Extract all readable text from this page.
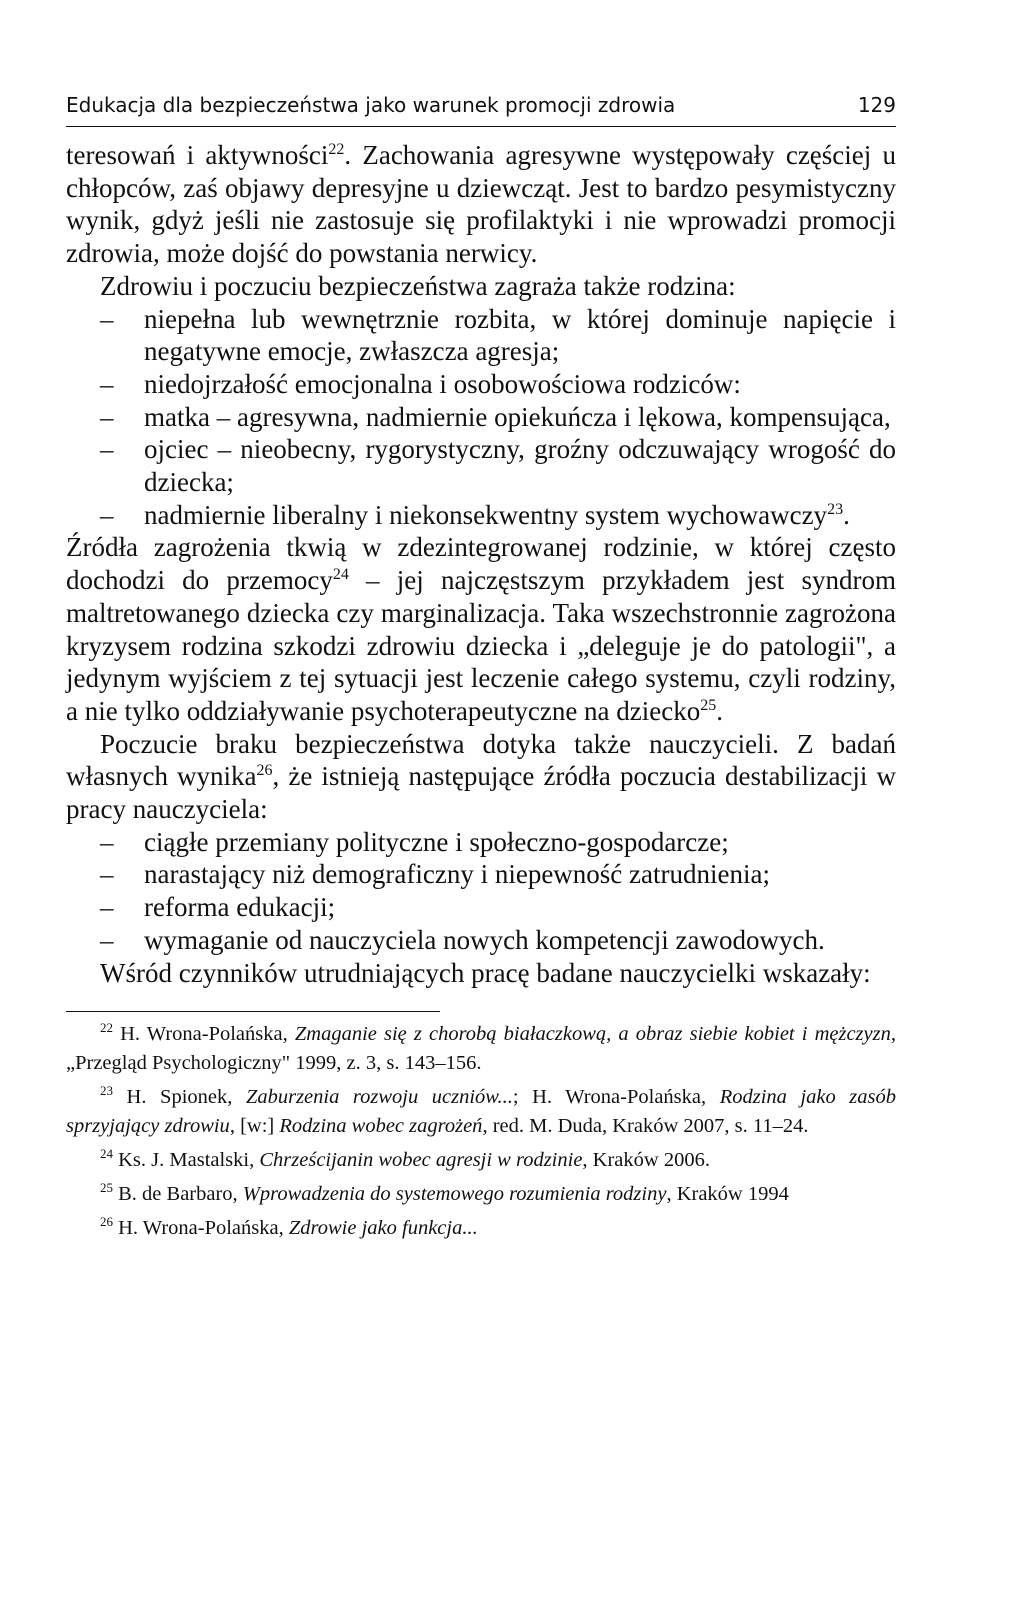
Edukacja dla bezpieczeństwa jako warunek promocji zdrowia	129

teresowań i aktywności$^{22}$. Zachowania agresywne występowały częściej u chłopców, zaś objawy depresyjne u dziewcząt. Jest to bardzo pesymistyczny wynik, gdyż jeśli nie zastosuje się profilaktyki i nie wprowadzi promocji zdrowia, może dojść do powstania nerwicy.

Zdrowiu i poczuciu bezpieczeństwa zagraża także rodzina:

– niepełna lub wewnętrznie rozbita, w której dominuje napięcie i negatywne emocje, zwłaszcza agresja;
– niedojrzałość emocjonalna i osobowościowa rodziców:
– matka – agresywna, nadmiernie opiekuńcza i lękowa, kompensująca,
– ojciec – nieobecny, rygorystyczny, groźny odczuwający wrogość do dziecka;
– nadmiernie liberalny i niekonsekwentny system wychowawczy$^{23}$.

Źródła zagrożenia tkwią w zdezintegrowanej rodzinie, w której często dochodzi do przemocy$^{24}$ – jej najczęstszym przykładem jest syndrom maltretowanego dziecka czy marginalizacja. Taka wszechstronnie zagrożona kryzysem rodzina szkodzi zdrowiu dziecka i „deleguje je do patologii", a jedynym wyjściem z tej sytuacji jest leczenie całego systemu, czyli rodziny, a nie tylko oddziaływanie psychoterapeutyczne na dziecko$^{25}$.

Poczucie braku bezpieczeństwa dotyka także nauczycieli. Z badań własnych wynika$^{26}$, że istnieją następujące źródła poczucia destabilizacji w pracy nauczyciela:

– ciągłe przemiany polityczne i społeczno-gospodarcze;
– narastający niż demograficzny i niepewność zatrudnienia;
– reforma edukacji;
– wymaganie od nauczyciela nowych kompetencji zawodowych.

Wśród czynników utrudniających pracę badane nauczycielki wskazały:

$^{22}$ H. Wrona-Polańska, Zmaganie się z chorobą białaczkową, a obraz siebie kobiet i mężczyzn, „Przegląd Psychologiczny" 1999, z. 3, s. 143–156.

$^{23}$ H. Spionek, Zaburzenia rozwoju uczniów...; H. Wrona-Polańska, Rodzina jako zasób sprzyjający zdrowiu, [w:] Rodzina wobec zagrożeń, red. M. Duda, Kraków 2007, s. 11–24.

$^{24}$ Ks. J. Mastalski, Chrześcijanin wobec agresji w rodzinie, Kraków 2006.

$^{25}$ B. de Barbaro, Wprowadzenia do systemowego rozumienia rodziny, Kraków 1994

$^{26}$ H. Wrona-Polańska, Zdrowie jako funkcja...
